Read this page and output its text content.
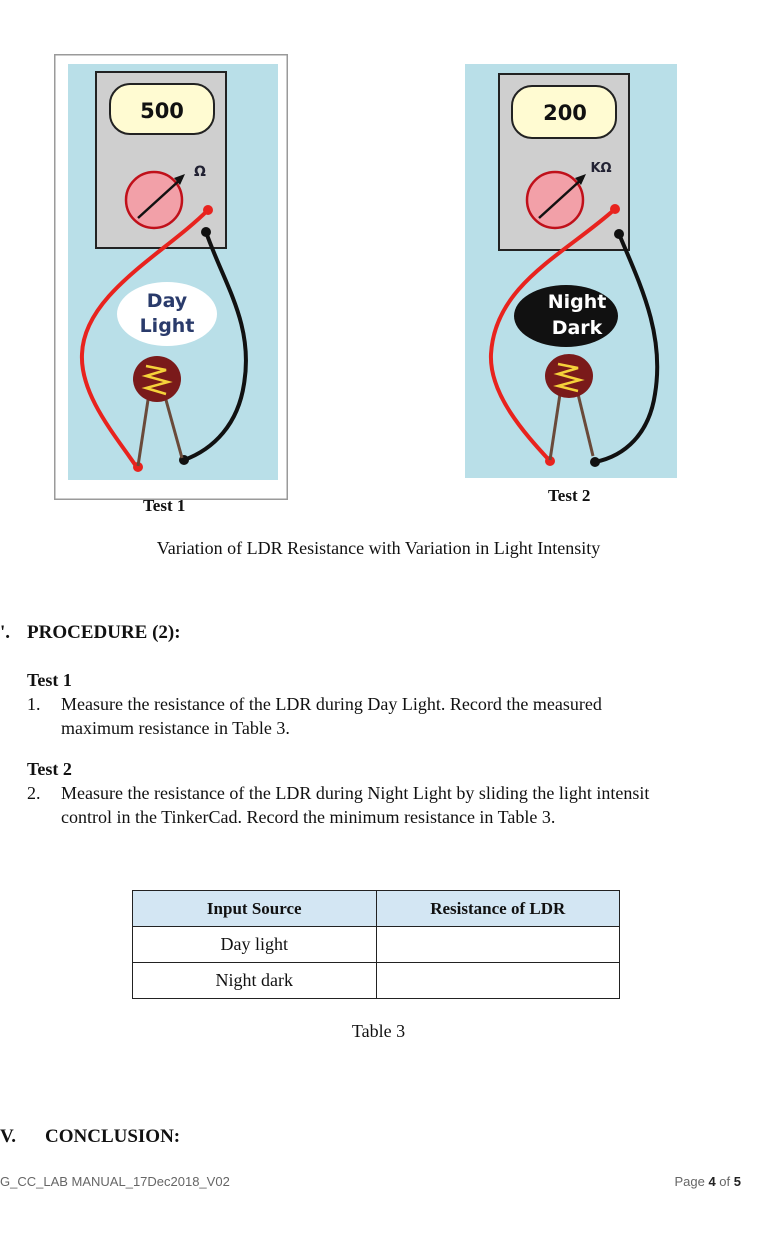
500
Ω
Day
Light
Test 1
200
KΩ
Night
Dark
Test 2
Variation of LDR Resistance with Variation in Light Intensity
'. PROCEDURE (2):
Test 1
1. Measure the resistance of the LDR during Day Light. Record the measured
maximum resistance in Table 3.
Test 2
2. Measure the resistance of the LDR during Night Light by sliding the light intensit
control in the TinkerCad. Record the minimum resistance in Table 3.
Input Source	Resistance of LDR
Day light	
Night dark	
Table 3
V. CONCLUSION:
G_CC_LAB MANUAL_17Dec2018_V02	Page 4 of 5
